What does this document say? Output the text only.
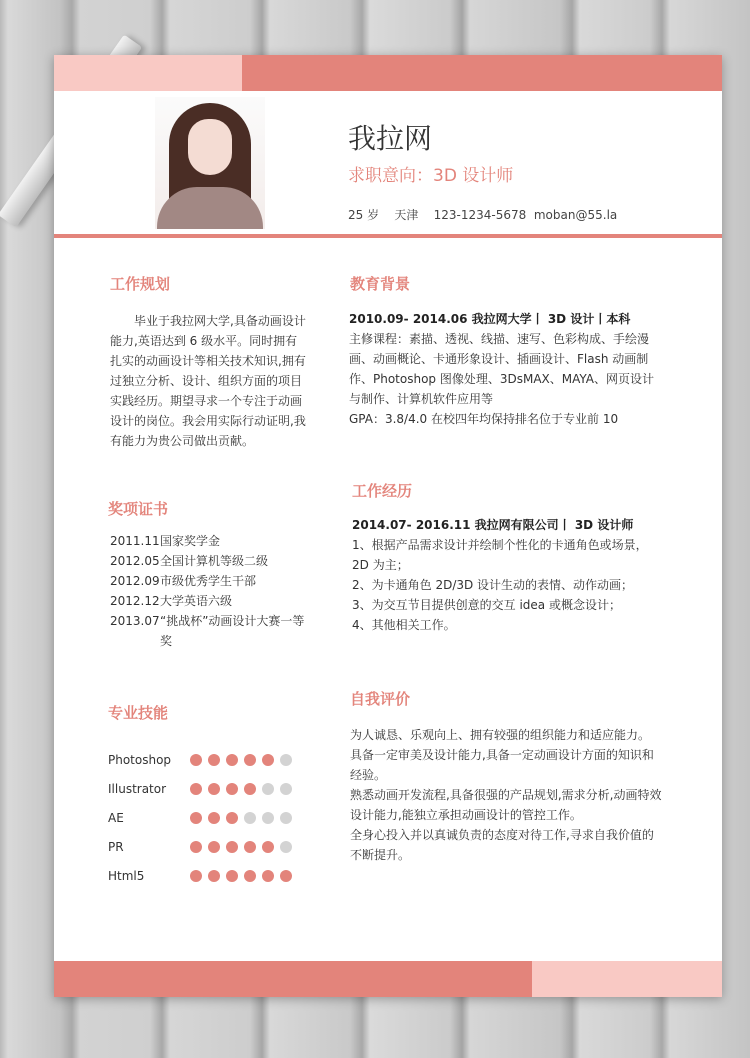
我拉网
求职意向：3D 设计师
25 岁    天津    123-1234-5678  moban@55.la
工作规划

毕业于我拉网大学,具备动画设计能力,英语达到 6 级水平。同时拥有扎实的动画设计等相关技术知识,拥有过独立分析、设计、组织方面的项目实践经历。期望寻求一个专注于动画设计的岗位。我会用实际行动证明,我有能力为贵公司做出贡献。

奖项证书
2011.11 国家奖学金
2012.05 全国计算机等级二级
2012.09 市级优秀学生干部
2012.12 大学英语六级
2013.07 “挑战杯”动画设计大赛一等奖
专业技能
Photoshop
Illustrator
AE
PR
Html5
教育背景

2010.09- 2014.06 我拉网大学丨 3D 设计丨本科

主修课程：素描、透视、线描、速写、色彩构成、手绘漫画、动画概论、卡通形象设计、插画设计、Flash 动画制作、Photoshop 图像处理、3DsMAX、MAYA、网页设计与制作、计算机软件应用等

GPA：3.8/4.0 在校四年均保持排名位于专业前 10

工作经历

2014.07- 2016.11 我拉网有限公司丨 3D 设计师

1、根据产品需求设计并绘制个性化的卡通角色或场景，2D 为主；

2、为卡通角色 2D/3D 设计生动的表情、动作动画；

3、为交互节目提供创意的交互 idea 或概念设计；

4、其他相关工作。

自我评价

为人诚恳、乐观向上、拥有较强的组织能力和适应能力。

具备一定审美及设计能力,具备一定动画设计方面的知识和经验。

熟悉动画开发流程,具备很强的产品规划,需求分析,动画特效设计能力,能独立承担动画设计的管控工作。

全身心投入并以真诚负责的态度对待工作,寻求自我价值的不断提升。
